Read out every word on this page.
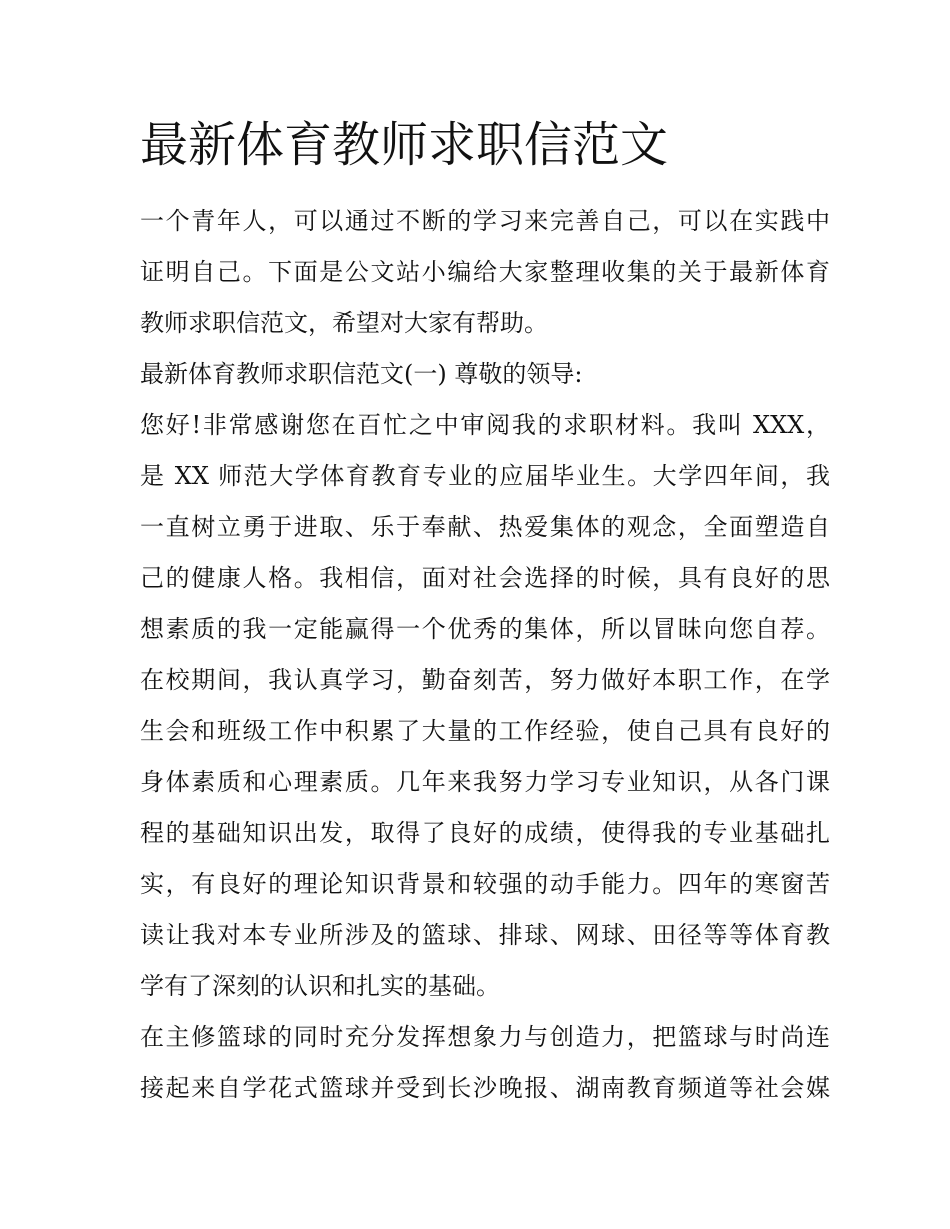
最新体育教师求职信范文
一个青年人，可以通过不断的学习来完善自己，可以在实践中
证明自己。下面是公文站小编给大家整理收集的关于最新体育
教师求职信范文，希望对大家有帮助。
最新体育教师求职信范文(一) 尊敬的领导:
您好!非常感谢您在百忙之中审阅我的求职材料。我叫 XXX，
是 XX 师范大学体育教育专业的应届毕业生。大学四年间，我
一直树立勇于进取、乐于奉献、热爱集体的观念，全面塑造自
己的健康人格。我相信，面对社会选择的时候，具有良好的思
想素质的我一定能赢得一个优秀的集体，所以冒昧向您自荐。
在校期间，我认真学习，勤奋刻苦，努力做好本职工作，在学
生会和班级工作中积累了大量的工作经验，使自己具有良好的
身体素质和心理素质。几年来我努力学习专业知识，从各门课
程的基础知识出发，取得了良好的成绩，使得我的专业基础扎
实，有良好的理论知识背景和较强的动手能力。四年的寒窗苦
读让我对本专业所涉及的篮球、排球、网球、田径等等体育教
学有了深刻的认识和扎实的基础。
在主修篮球的同时充分发挥想象力与创造力，把篮球与时尚连
接起来自学花式篮球并受到长沙晚报、湖南教育频道等社会媒
